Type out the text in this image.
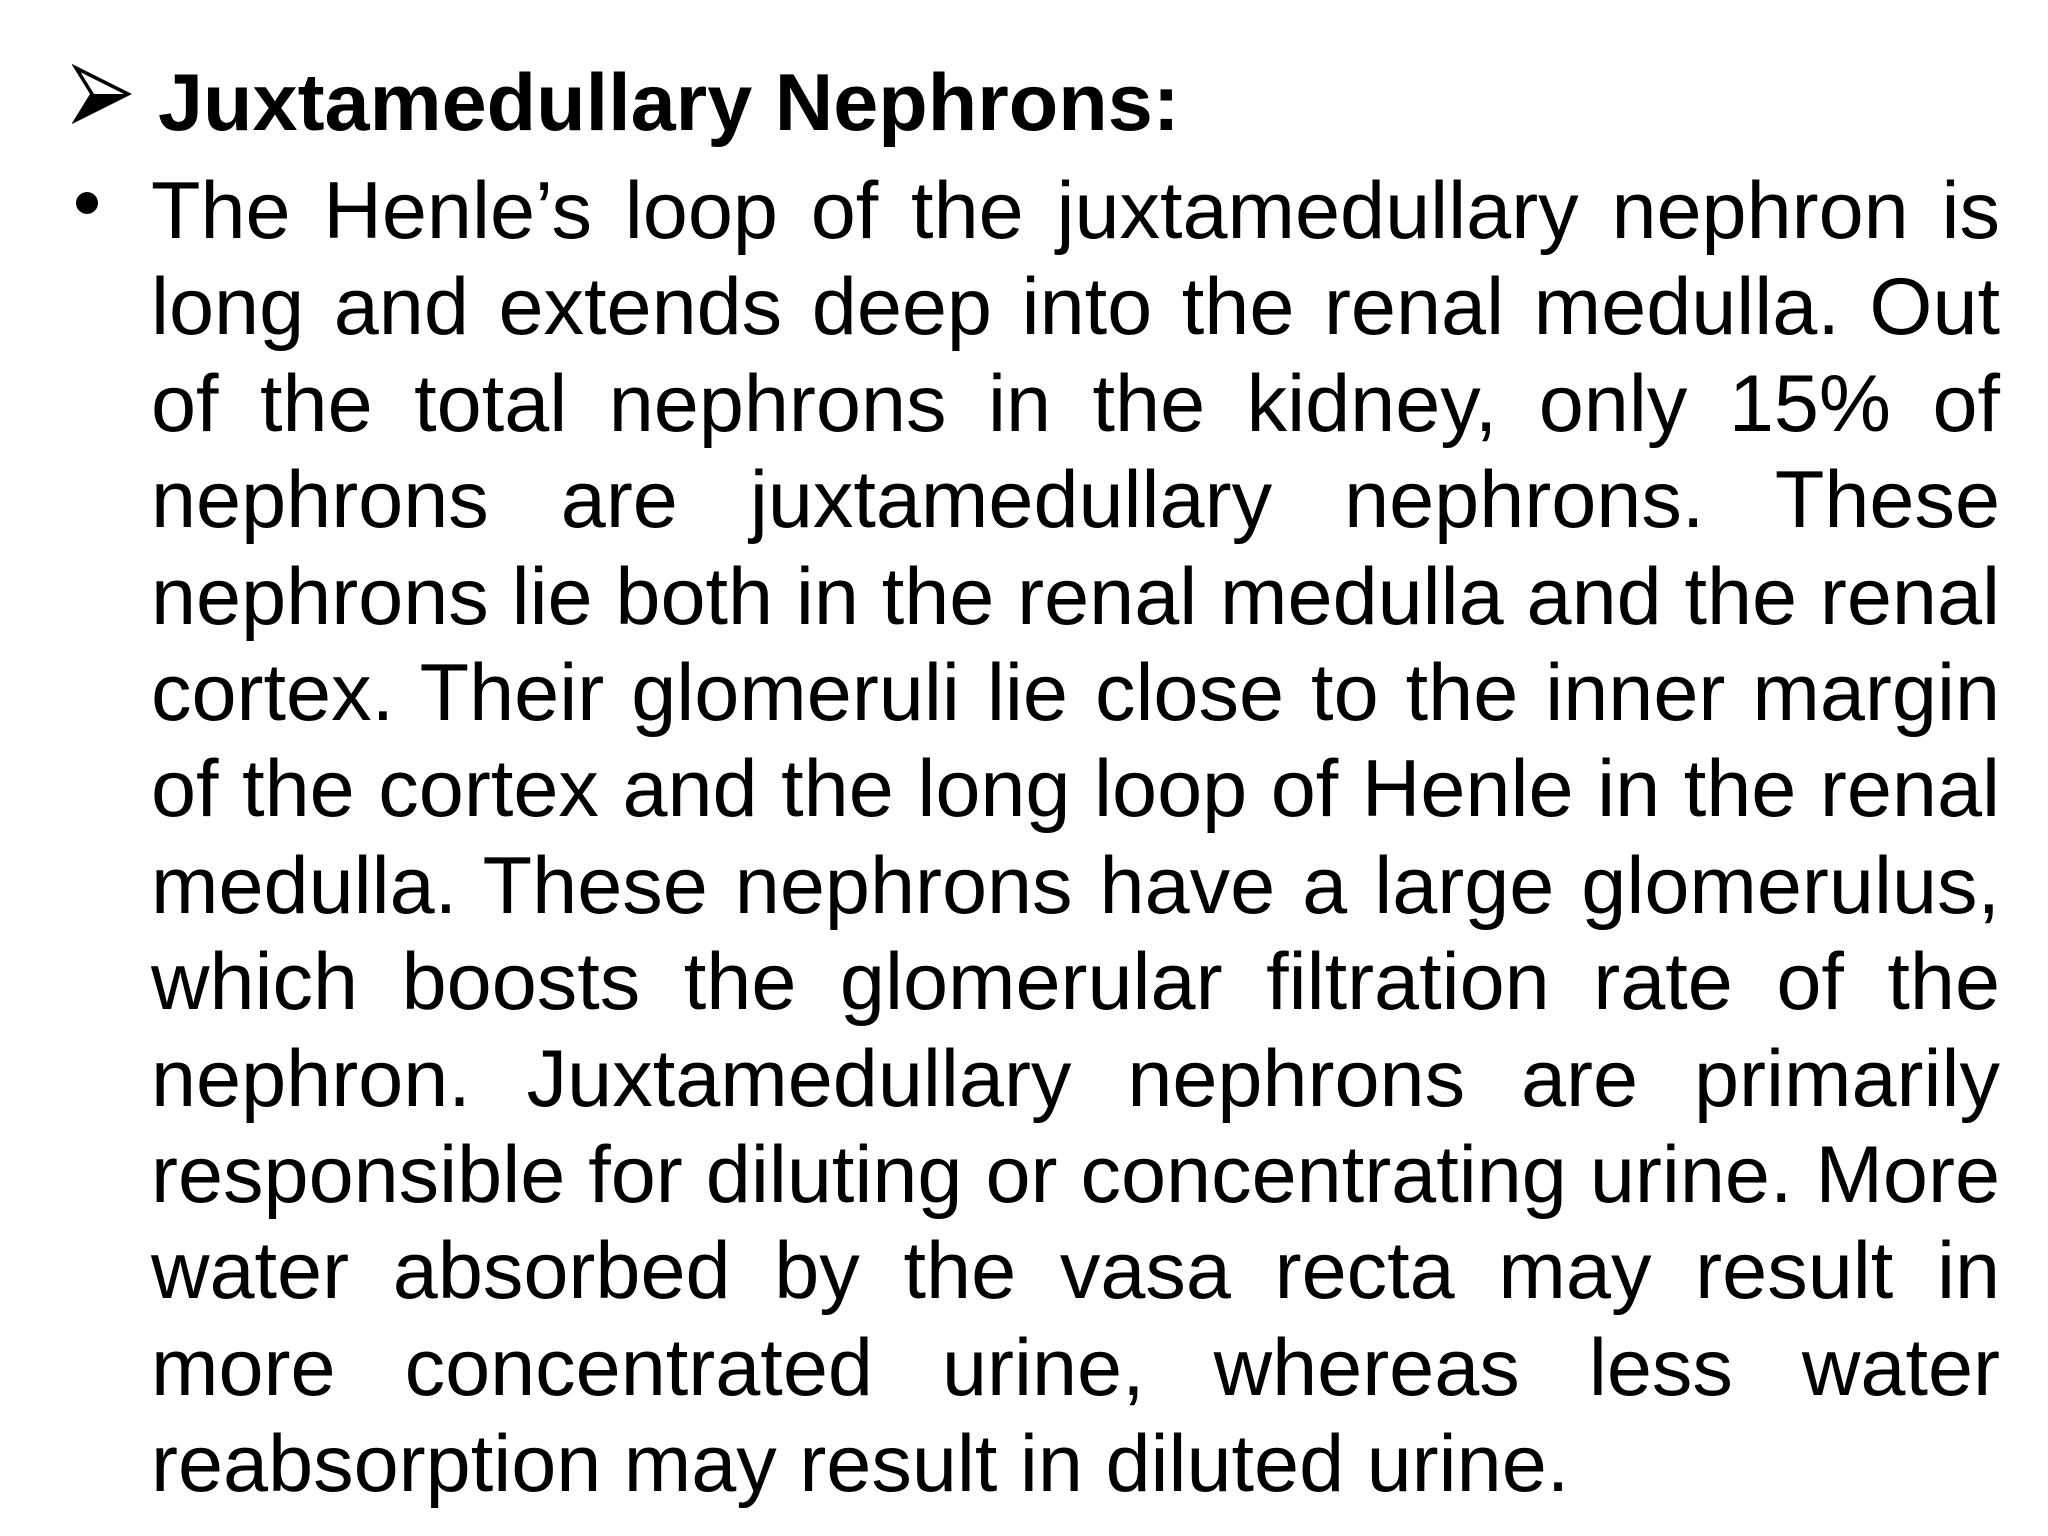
Juxtamedullary Nephrons:

The Henle’s loop of the juxtamedullary nephron is long and extends deep into the renal medulla. Out of the total nephrons in the kidney, only 15% of nephrons are juxtamedullary nephrons. These nephrons lie both in the renal medulla and the renal cortex. Their glomeruli lie close to the inner margin of the cortex and the long loop of Henle in the renal medulla. These nephrons have a large glomerulus, which boosts the glomerular filtration rate of the nephron. Juxtamedullary nephrons are primarily responsible for diluting or concentrating urine. More water absorbed by the vasa recta may result in more concentrated urine, whereas less water reabsorption may result in diluted urine.
